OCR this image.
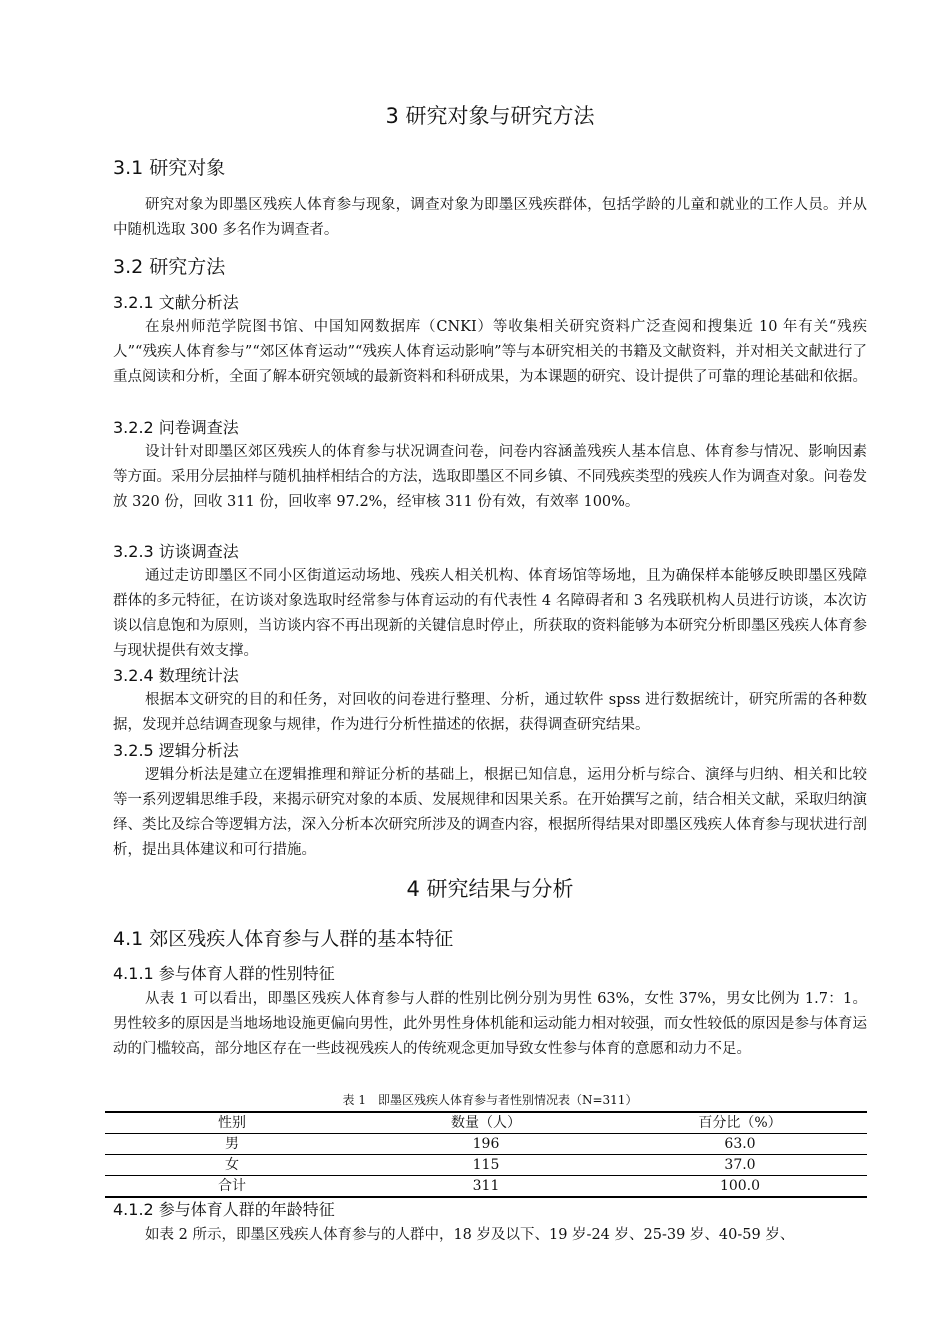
3 研究对象与研究方法
3.1 研究对象

研究对象为即墨区残疾人体育参与现象，调查对象为即墨区残疾群体，包括学龄的儿童和就业的工作人员。并从中随机选取 300 多名作为调查者。

3.2 研究方法
3.2.1 文献分析法

在泉州师范学院图书馆、中国知网数据库（CNKI）等收集相关研究资料广泛查阅和搜集近 10 年有关“残疾人”“残疾人体育参与”“郊区体育运动”“残疾人体育运动影响”等与本研究相关的书籍及文献资料，并对相关文献进行了重点阅读和分析，全面了解本研究领域的最新资料和科研成果，为本课题的研究、设计提供了可靠的理论基础和依据。

3.2.2 问卷调查法

设计针对即墨区郊区残疾人的体育参与状况调查问卷，问卷内容涵盖残疾人基本信息、体育参与情况、影响因素等方面。采用分层抽样与随机抽样相结合的方法，选取即墨区不同乡镇、不同残疾类型的残疾人作为调查对象。问卷发放 320 份，回收 311 份，回收率 97.2%，经审核 311 份有效，有效率 100%。

3.2.3 访谈调查法

通过走访即墨区不同小区街道运动场地、残疾人相关机构、体育场馆等场地，且为确保样本能够反映即墨区残障群体的多元特征，在访谈对象选取时经常参与体育运动的有代表性 4 名障碍者和 3 名残联机构人员进行访谈，本次访谈以信息饱和为原则，当访谈内容不再出现新的关键信息时停止，所获取的资料能够为本研究分析即墨区残疾人体育参与现状提供有效支撑。

3.2.4 数理统计法

根据本文研究的目的和任务，对回收的问卷进行整理、分析，通过软件 spss 进行数据统计，研究所需的各种数据，发现并总结调查现象与规律，作为进行分析性描述的依据，获得调查研究结果。

3.2.5 逻辑分析法

逻辑分析法是建立在逻辑推理和辩证分析的基础上，根据已知信息，运用分析与综合、演绎与归纳、相关和比较等一系列逻辑思维手段，来揭示研究对象的本质、发展规律和因果关系。在开始撰写之前，结合相关文献，采取归纳演绎、类比及综合等逻辑方法，深入分析本次研究所涉及的调查内容，根据所得结果对即墨区残疾人体育参与现状进行剖析，提出具体建议和可行措施。

4 研究结果与分析
4.1 郊区残疾人体育参与人群的基本特征
4.1.1 参与体育人群的性别特征

从表 1 可以看出，即墨区残疾人体育参与人群的性别比例分别为男性 63%，女性 37%，男女比例为 1.7：1。男性较多的原因是当地场地设施更偏向男性，此外男性身体机能和运动能力相对较强，而女性较低的原因是参与体育运动的门槛较高，部分地区存在一些歧视残疾人的传统观念更加导致女性参与体育的意愿和动力不足。

表 1　即墨区残疾人体育参与者性别情况表（N=311）
性别	数量（人）	百分比（%）
男	196	63.0
女	115	37.0
合计	311	100.0
4.1.2 参与体育人群的年龄特征

如表 2 所示，即墨区残疾人体育参与的人群中，18 岁及以下、19 岁-24 岁、25-39 岁、40-59 岁、
